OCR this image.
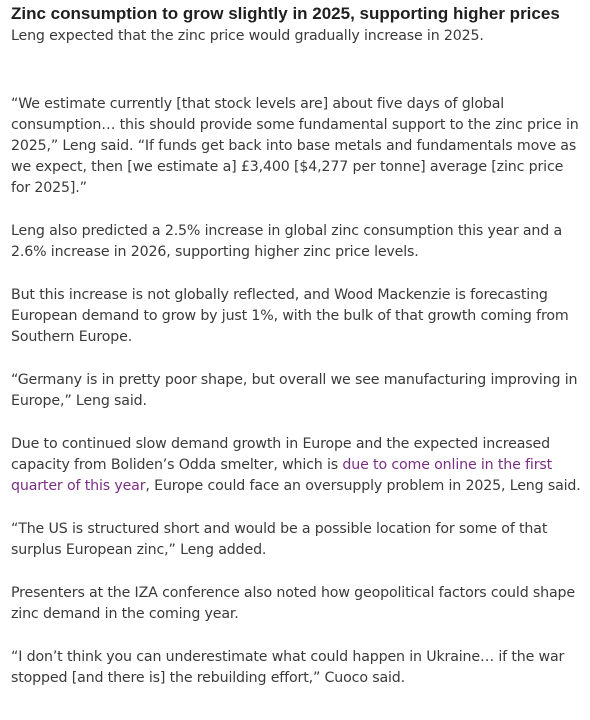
Zinc consumption to grow slightly in 2025, supporting higher prices

Leng expected that the zinc price would gradually increase in 2025.

“We estimate currently [that stock levels are] about five days of global consumption… this should provide some fundamental support to the zinc price in 2025,” Leng said. “If funds get back into base metals and fundamentals move as we expect, then [we estimate a] £3,400 [$4,277 per tonne] average [zinc price for 2025].”

Leng also predicted a 2.5% increase in global zinc consumption this year and a 2.6% increase in 2026, supporting higher zinc price levels.

But this increase is not globally reflected, and Wood Mackenzie is forecasting European demand to grow by just 1%, with the bulk of that growth coming from Southern Europe.

“Germany is in pretty poor shape, but overall we see manufacturing improving in Europe,” Leng said.

Due to continued slow demand growth in Europe and the expected increased capacity from Boliden’s Odda smelter, which is due to come online in the first quarter of this year, Europe could face an oversupply problem in 2025, Leng said.

“The US is structured short and would be a possible location for some of that surplus European zinc,” Leng added.

Presenters at the IZA conference also noted how geopolitical factors could shape zinc demand in the coming year.

“I don’t think you can underestimate what could happen in Ukraine… if the war stopped [and there is] the rebuilding effort,” Cuoco said.
